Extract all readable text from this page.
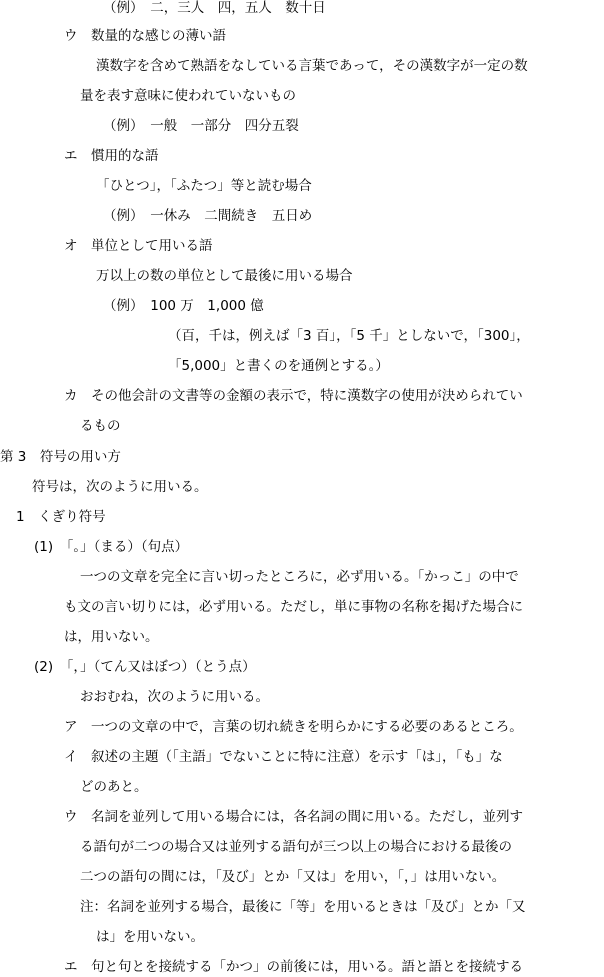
（例）　二，三人　四，五人　数十日
ウ　数量的な感じの薄い語
漢数字を含めて熟語をなしている言葉であって，その漢数字が一定の数
量を表す意味に使われていないもの
（例）　一般　一部分　四分五裂
エ　慣用的な語
「ひとつ」，「ふたつ」等と読む場合
（例）　一休み　二間続き　五日め
オ　単位として用いる語
万以上の数の単位として最後に用いる場合
（例）　100 万　1,000 億
（百，千は，例えば「3 百」，「5 千」としないで，「300」，
「5,000」と書くのを通例とする。）
カ　その他会計の文書等の金額の表示で，特に漢数字の使用が決められてい
るもの
第 3　符号の用い方
符号は，次のように用いる。
1　くぎり符号
(1)　「。」（まる）（句点）
一つの文章を完全に言い切ったところに，必ず用いる。「かっこ」の中で
も文の言い切りには，必ず用いる。ただし，単に事物の名称を掲げた場合に
は，用いない。
(2)　「，」（てん又はぼつ）（とう点）
おおむね，次のように用いる。
ア　一つの文章の中で，言葉の切れ続きを明らかにする必要のあるところ。
イ　叙述の主題（「主語」でないことに特に注意）を示す「は」，「も」な
どのあと。
ウ　名詞を並列して用いる場合には，各名詞の間に用いる。ただし，並列す
る語句が二つの場合又は並列する語句が三つ以上の場合における最後の
二つの語句の間には，「及び」とか「又は」を用い，「，」は用いない。
注：名詞を並列する場合，最後に「等」を用いるときは「及び」とか「又
は」を用いない。
エ　句と句とを接続する「かつ」の前後には，用いる。語と語とを接続する
